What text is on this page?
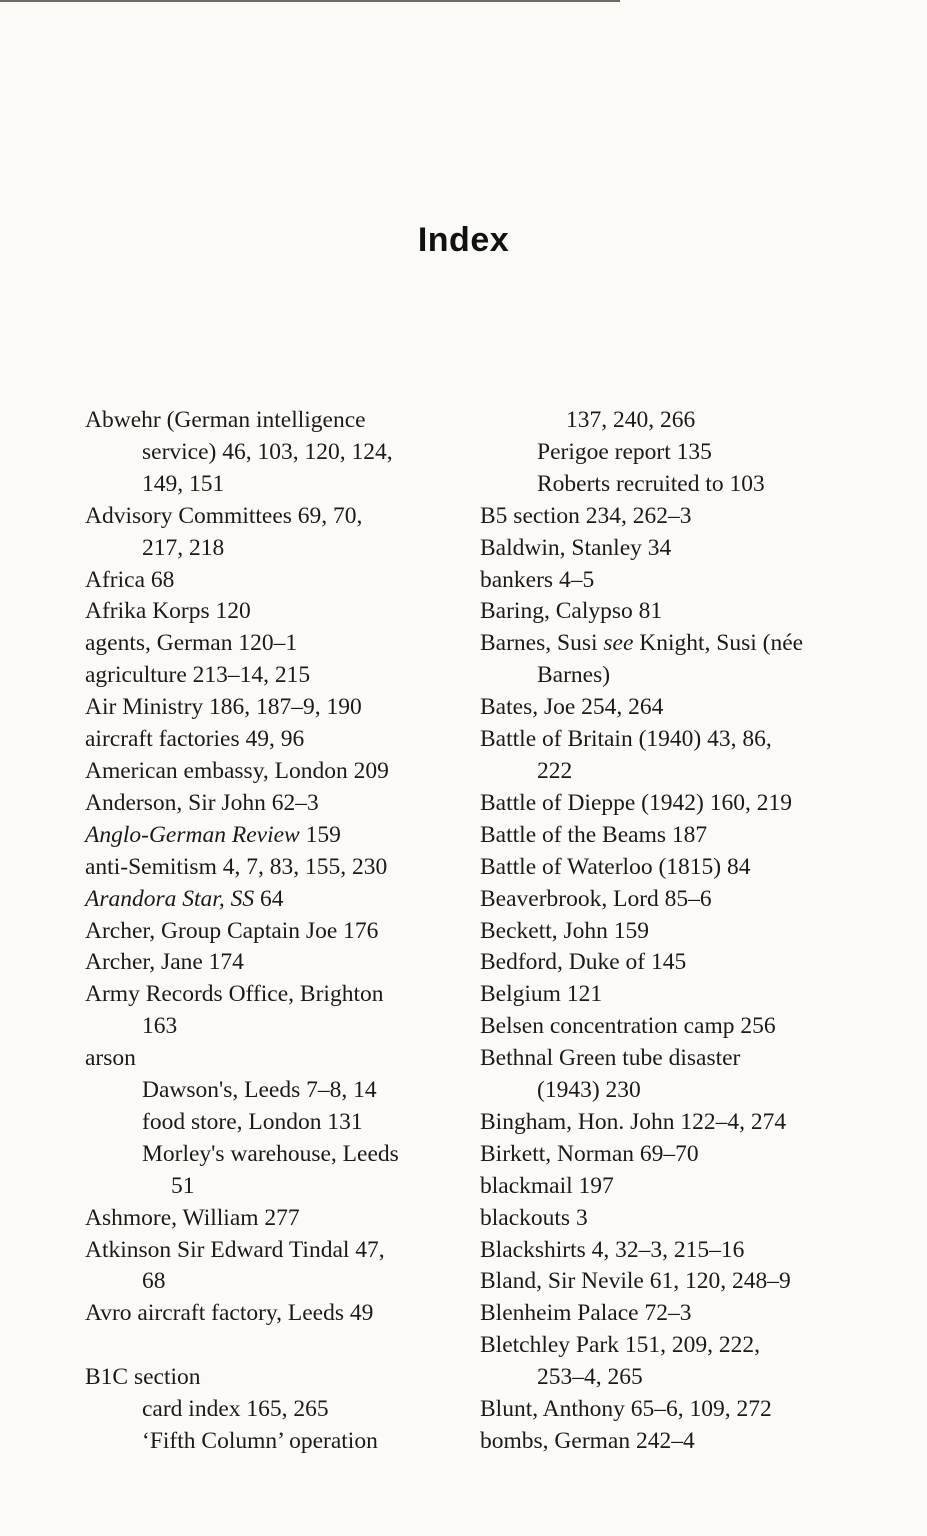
Index
Abwehr (German intelligence
service) 46, 103, 120, 124,
149, 151
Advisory Committees 69, 70,
217, 218
Africa 68
Afrika Korps 120
agents, German 120–1
agriculture 213–14, 215
Air Ministry 186, 187–9, 190
aircraft factories 49, 96
American embassy, London 209
Anderson, Sir John 62–3
Anglo-German Review 159
anti-Semitism 4, 7, 83, 155, 230
Arandora Star, SS 64
Archer, Group Captain Joe 176
Archer, Jane 174
Army Records Office, Brighton
163
arson
Dawson's, Leeds 7–8, 14
food store, London 131
Morley's warehouse, Leeds
51
Ashmore, William 277
Atkinson Sir Edward Tindal 47,
68
Avro aircraft factory, Leeds 49
B1C section
card index 165, 265
‘Fifth Column’ operation
137, 240, 266
Perigoe report 135
Roberts recruited to 103
B5 section 234, 262–3
Baldwin, Stanley 34
bankers 4–5
Baring, Calypso 81
Barnes, Susi see Knight, Susi (née
Barnes)
Bates, Joe 254, 264
Battle of Britain (1940) 43, 86,
222
Battle of Dieppe (1942) 160, 219
Battle of the Beams 187
Battle of Waterloo (1815) 84
Beaverbrook, Lord 85–6
Beckett, John 159
Bedford, Duke of 145
Belgium 121
Belsen concentration camp 256
Bethnal Green tube disaster
(1943) 230
Bingham, Hon. John 122–4, 274
Birkett, Norman 69–70
blackmail 197
blackouts 3
Blackshirts 4, 32–3, 215–16
Bland, Sir Nevile 61, 120, 248–9
Blenheim Palace 72–3
Bletchley Park 151, 209, 222,
253–4, 265
Blunt, Anthony 65–6, 109, 272
bombs, German 242–4
